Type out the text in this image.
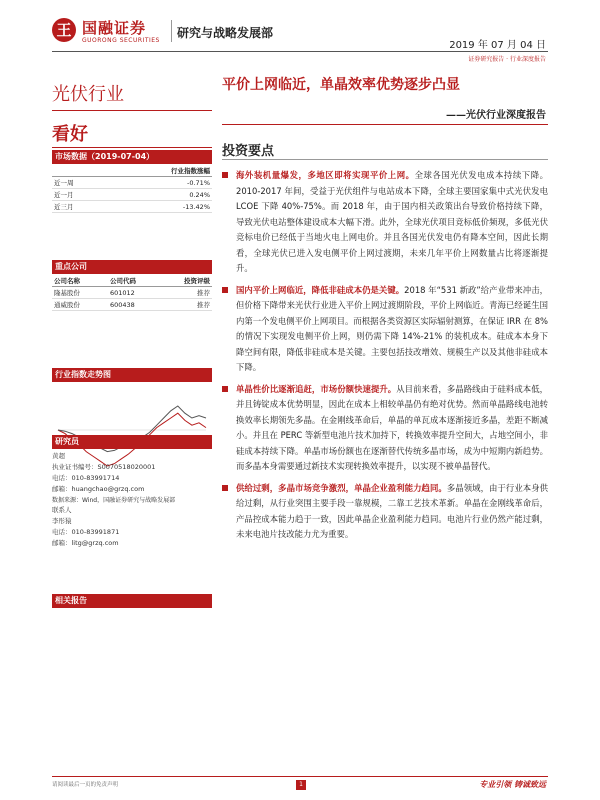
王 国融证券
GUORONG SECURITIES
研究与战略发展部
2019 年 07 月 04 日
证券研究报告 · 行业深度报告
光伏行业
看好
市场数据（2019-07-04）
行业指数涨幅
近一周	-0.71%
近一月	0.24%
近三月	-13.42%
重点公司
公司名称	公司代码	投资评级
隆基股份	601012	推荐
通威股份	600438	推荐
行业指数走势图
数据来源：Wind，国融证券研究与战略发展部
研究员
黄超
执业证书编号：S0070518020001
电话：010-83991714
邮箱：huangchao@grzq.com
联系人
李彤猿
电话：010-83991871
邮箱：litg@grzq.com
相关报告
平价上网临近，单晶效率优势逐步凸显
——光伏行业深度报告
投资要点
海外装机量爆发，多地区即将实现平价上网。全球各国光伏发电成本持续下降。2010-2017 年间，受益于光伏组件与电站成本下降，全球主要国家集中式光伏发电 LCOE 下降 40%-75%。而 2018 年，由于国内相关政策出台导致价格持续下降，导致光伏电站整体建设成本大幅下滑。此外，全球光伏项目竞标低价频现，多低光伏竞标电价已经低于当地火电上网电价。并且各国光伏发电仍有降本空间，因此长期看，全球光伏已进入发电侧平价上网过渡期，未来几年平价上网数量占比将逐渐提升。
国内平价上网临近，降低非硅成本仍是关键。2018 年“531 新政”给产业带来冲击，但价格下降带来光伏行业进入平价上网过渡期阶段，平价上网临近。青海已经诞生国内第一个发电侧平价上网项目。而根据各类资源区实际辐射测算，在保证 IRR 在 8% 的情况下实现发电侧平价上网，则仍需下降 14%-21% 的装机成本。硅成本本身下降空间有限，降低非硅成本是关键。主要包括技改增效、规模生产以及其他非硅成本下降。
单晶性价比逐渐追赶，市场份额快速提升。从目前来看，多晶路线由于硅料成本低，并且铸锭成本优势明显，因此在成本上相较单晶仍有绝对优势。然而单晶路线电池转换效率长期领先多晶。在金刚线革命后，单晶的单瓦成本逐渐接近多晶，差距不断减小。并且在 PERC 等新型电池片技术加持下，转换效率提升空间大，占地空间小，非硅成本持续下降。单晶市场份额也在逐渐替代传统多晶市场，成为中短期内新趋势。而多晶本身需要通过新技术实现转换效率提升，以实现不被单晶替代。
供给过剩，多晶市场竞争激烈，单晶企业盈利能力趋同。多晶领域，由于行业本身供给过剩，从行业突围主要手段一靠规模，二靠工艺技术革新。单晶在金刚线革命后，产品控成本能力趋于一致，因此单晶企业盈利能力趋同。电池片行业仍然产能过剩，未来电池片技改能力尤为重要。
请阅读最后一页的免责声明	1	专业引领 铸诚致远
